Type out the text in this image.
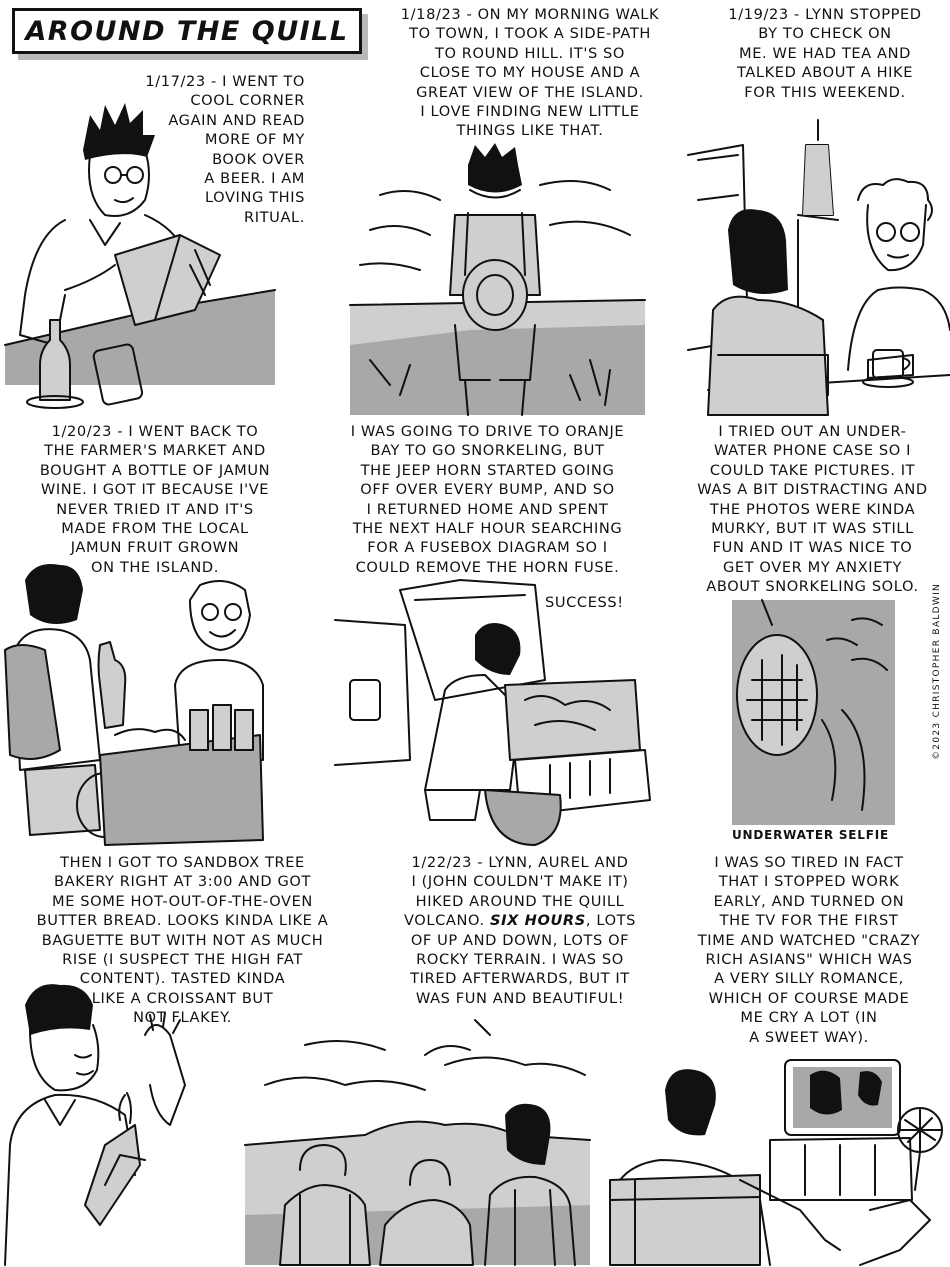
AROUND THE QUILL
1/17/23 - I WENT TO
COOL CORNER
AGAIN AND READ
MORE OF MY
BOOK OVER
A BEER. I AM
LOVING THIS
RITUAL.
1/18/23 - ON MY MORNING WALK
TO TOWN, I TOOK A SIDE-PATH
TO ROUND HILL. IT'S SO
CLOSE TO MY HOUSE AND A
GREAT VIEW OF THE ISLAND.
I LOVE FINDING NEW LITTLE
THINGS LIKE THAT.
1/19/23 - LYNN STOPPED
BY TO CHECK ON
ME. WE HAD TEA AND
TALKED ABOUT A HIKE
FOR THIS WEEKEND.
1/20/23 - I WENT BACK TO
THE FARMER'S MARKET AND
BOUGHT A BOTTLE OF JAMUN
WINE. I GOT IT BECAUSE I'VE
NEVER TRIED IT AND IT'S
MADE FROM THE LOCAL
JAMUN FRUIT GROWN
ON THE ISLAND.
I WAS GOING TO DRIVE TO ORANJE
BAY TO GO SNORKELING, BUT
THE JEEP HORN STARTED GOING
OFF OVER EVERY BUMP, AND SO
I RETURNED HOME AND SPENT
THE NEXT HALF HOUR SEARCHING
FOR A FUSEBOX DIAGRAM SO I
COULD REMOVE THE HORN FUSE.
SUCCESS!
I TRIED OUT AN UNDER-
WATER PHONE CASE SO I
COULD TAKE PICTURES. IT
WAS A BIT DISTRACTING AND
THE PHOTOS WERE KINDA
MURKY, BUT IT WAS STILL
FUN AND IT WAS NICE TO
GET OVER MY ANXIETY
ABOUT SNORKELING SOLO.
UNDERWATER SELFIE
©2023 CHRISTOPHER BALDWIN
THEN I GOT TO SANDBOX TREE
BAKERY RIGHT AT 3:00 AND GOT
ME SOME HOT-OUT-OF-THE-OVEN
BUTTER BREAD. LOOKS KINDA LIKE A
BAGUETTE BUT WITH NOT AS MUCH
RISE (I SUSPECT THE HIGH FAT
CONTENT). TASTED KINDA
LIKE A CROISSANT BUT
NOT FLAKEY.
1/22/23 - LYNN, AUREL AND
I (JOHN COULDN'T MAKE IT)
HIKED AROUND THE QUILL
VOLCANO. SIX HOURS, LOTS
OF UP AND DOWN, LOTS OF
ROCKY TERRAIN. I WAS SO
TIRED AFTERWARDS, BUT IT
WAS FUN AND BEAUTIFUL!
I WAS SO TIRED IN FACT
THAT I STOPPED WORK
EARLY, AND TURNED ON
THE TV FOR THE FIRST
TIME AND WATCHED "CRAZY
RICH ASIANS" WHICH WAS
A VERY SILLY ROMANCE,
WHICH OF COURSE MADE
ME CRY A LOT (IN
A SWEET WAY).
